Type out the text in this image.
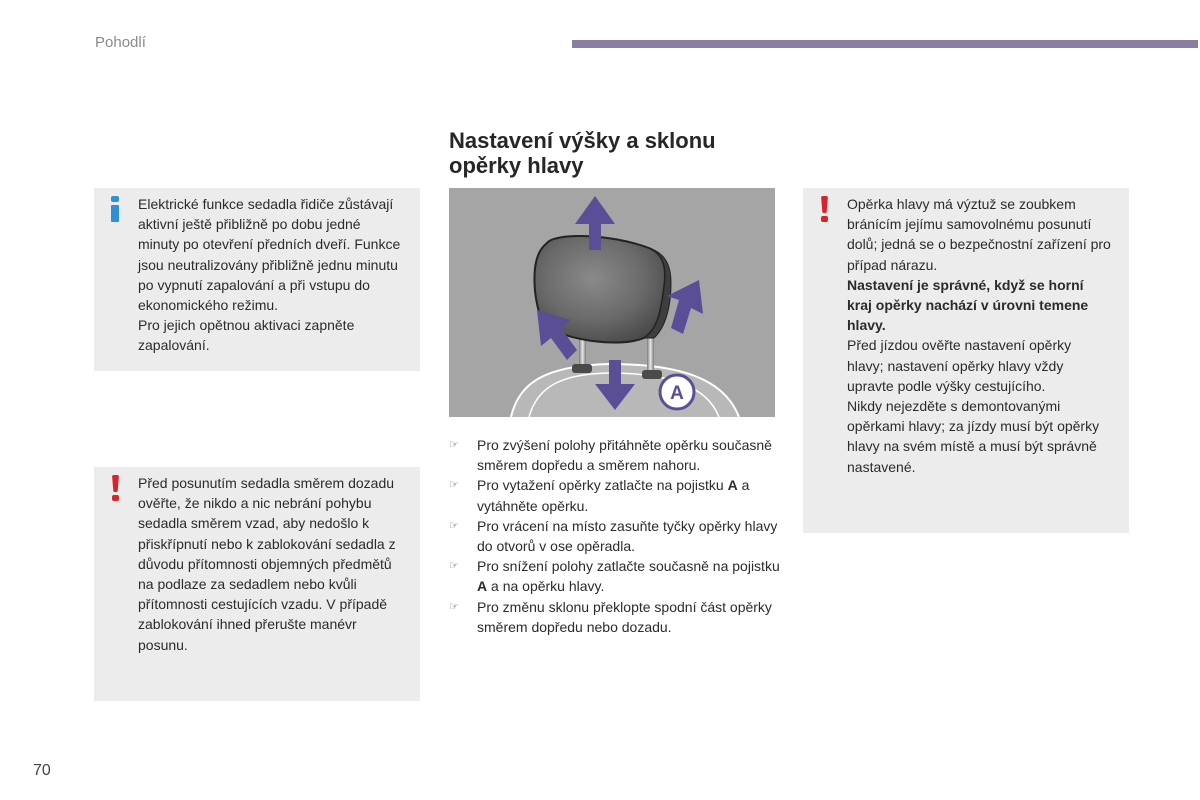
Pohodlí
Nastavení výšky a sklonu opěrky hlavy

Elektrické funkce sedadla řidiče zůstávají aktivní ještě přibližně po dobu jedné minuty po otevření předních dveří. Funkce jsou neutralizovány přibližně jednu minutu po vypnutí zapalování a při vstupu do ekonomického režimu.

Pro jejich opětnou aktivaci zapněte zapalování.

Před posunutím sedadla směrem dozadu ověřte, že nikdo a nic nebrání pohybu sedadla směrem vzad, aby nedošlo k přiskřípnutí nebo k zablokování sedadla z důvodu přítomnosti objemných předmětů na podlaze za sedadlem nebo kvůli přítomnosti cestujících vzadu. V případě zablokování ihned přerušte manévr posunu.

A
☞ Pro zvýšení polohy přitáhněte opěrku současně směrem dopředu a směrem nahoru.
☞ Pro vytažení opěrky zatlačte na pojistku A a vytáhněte opěrku.
☞ Pro vrácení na místo zasuňte tyčky opěrky hlavy do otvorů v ose opěradla.
☞ Pro snížení polohy zatlačte současně na pojistku A a na opěrku hlavy.
☞ Pro změnu sklonu překlopte spodní část opěrky směrem dopředu nebo dozadu.

Opěrka hlavy má výztuž se zoubkem bránícím jejímu samovolnému posunutí dolů; jedná se o bezpečnostní zařízení pro případ nárazu.

Nastavení je správné, když se horní kraj opěrky nachází v úrovni temene hlavy.

Před jízdou ověřte nastavení opěrky hlavy; nastavení opěrky hlavy vždy upravte podle výšky cestujícího.

Nikdy nejezděte s demontovanými opěrkami hlavy; za jízdy musí být opěrky hlavy na svém místě a musí být správně nastavené.

70
